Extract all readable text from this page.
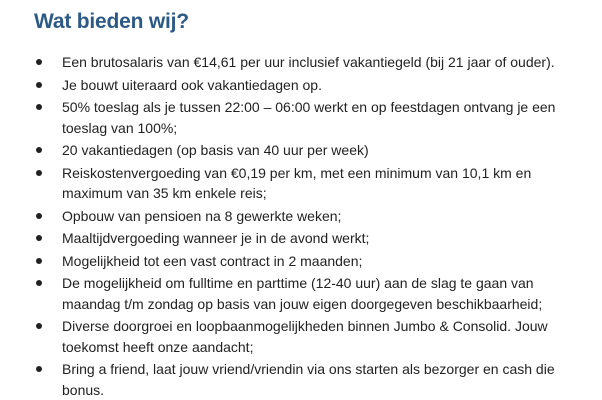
Wat bieden wij?
Een brutosalaris van €14,61 per uur inclusief vakantiegeld (bij 21 jaar of ouder).
Je bouwt uiteraard ook vakantiedagen op.
50% toeslag als je tussen 22:00 – 06:00 werkt en op feestdagen ontvang je een toeslag van 100%;
20 vakantiedagen (op basis van 40 uur per week)
Reiskostenvergoeding van €0,19 per km, met een minimum van 10,1 km en maximum van 35 km enkele reis;
Opbouw van pensioen na 8 gewerkte weken;
Maaltijdvergoeding wanneer je in de avond werkt;
Mogelijkheid tot een vast contract in 2 maanden;
De mogelijkheid om fulltime en parttime (12-40 uur) aan de slag te gaan van maandag t/m zondag op basis van jouw eigen doorgegeven beschikbaarheid;
Diverse doorgroei en loopbaanmogelijkheden binnen Jumbo & Consolid. Jouw toekomst heeft onze aandacht;
Bring a friend, laat jouw vriend/vriendin via ons starten als bezorger en cash die bonus.
